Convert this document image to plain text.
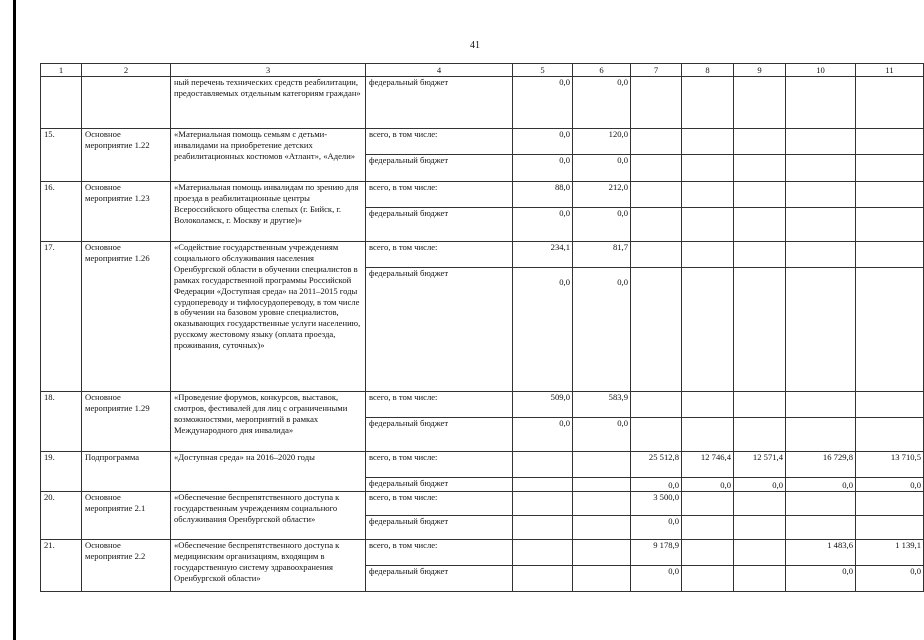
41
1	2	3	4	5	6	7	8	9	10	11
		ный перечень технических средств реабилитации, предоставляемых отдельным категориям граждан»	федеральный бюджет	0,0	0,0					
15.	Основное мероприятие 1.22	«Материальная помощь семьям с детьми-инвалидами на приобретение детских реабилитационных костюмов «Атлант», «Адели»	всего, в том числе:	0,0	120,0					
			федеральный бюджет	0,0	0,0					
16.	Основное мероприятие 1.23	«Материальная помощь инвалидам по зрению для проезда в реабилитационные центры Всероссийского общества слепых (г. Бийск, г. Волоколамск, г. Москву и другие)»	всего, в том числе:	88,0	212,0					
			федеральный бюджет	0,0	0,0					
17.	Основное мероприятие 1.26	«Содействие государственным учреждениям социального обслуживания населения Оренбургской области в обучении специалистов в рамках государственной программы Российской Федерации «Доступная среда» на 2011–2015 годы сурдопереводу и тифлосурдопереводу, в том числе в обучении на базовом уровне специалистов, оказывающих государственные услуги населению, русскому жестовому языку (оплата проезда, проживания, суточных)»	всего, в том числе:	234,1	81,7					
			федеральный бюджет	0,0	0,0					
18.	Основное мероприятие 1.29	«Проведение форумов, конкурсов, выставок, смотров, фестивалей для лиц с ограниченными возможностями, мероприятий в рамках Международного дня инвалида»	всего, в том числе:	509,0	583,9					
			федеральный бюджет	0,0	0,0					
19.	Подпрограмма	«Доступная среда» на 2016–2020 годы	всего, в том числе:			25 512,8	12 746,4	12 571,4	16 729,8	13 710,5
			федеральный бюджет			0,0	0,0	0,0	0,0	0,0
20.	Основное мероприятие 2.1	«Обеспечение беспрепятственного доступа к государственным учреждениям социального обслуживания Оренбургской области»	всего, в том числе:			3 500,0				
			федеральный бюджет			0,0				
21.	Основное мероприятие 2.2	«Обеспечение беспрепятственного доступа к медицинским организациям, входящим в государственную систему здравоохранения Оренбургской области»	всего, в том числе:			9 178,9			1 483,6	1 139,1
			федеральный бюджет			0,0			0,0	0,0
